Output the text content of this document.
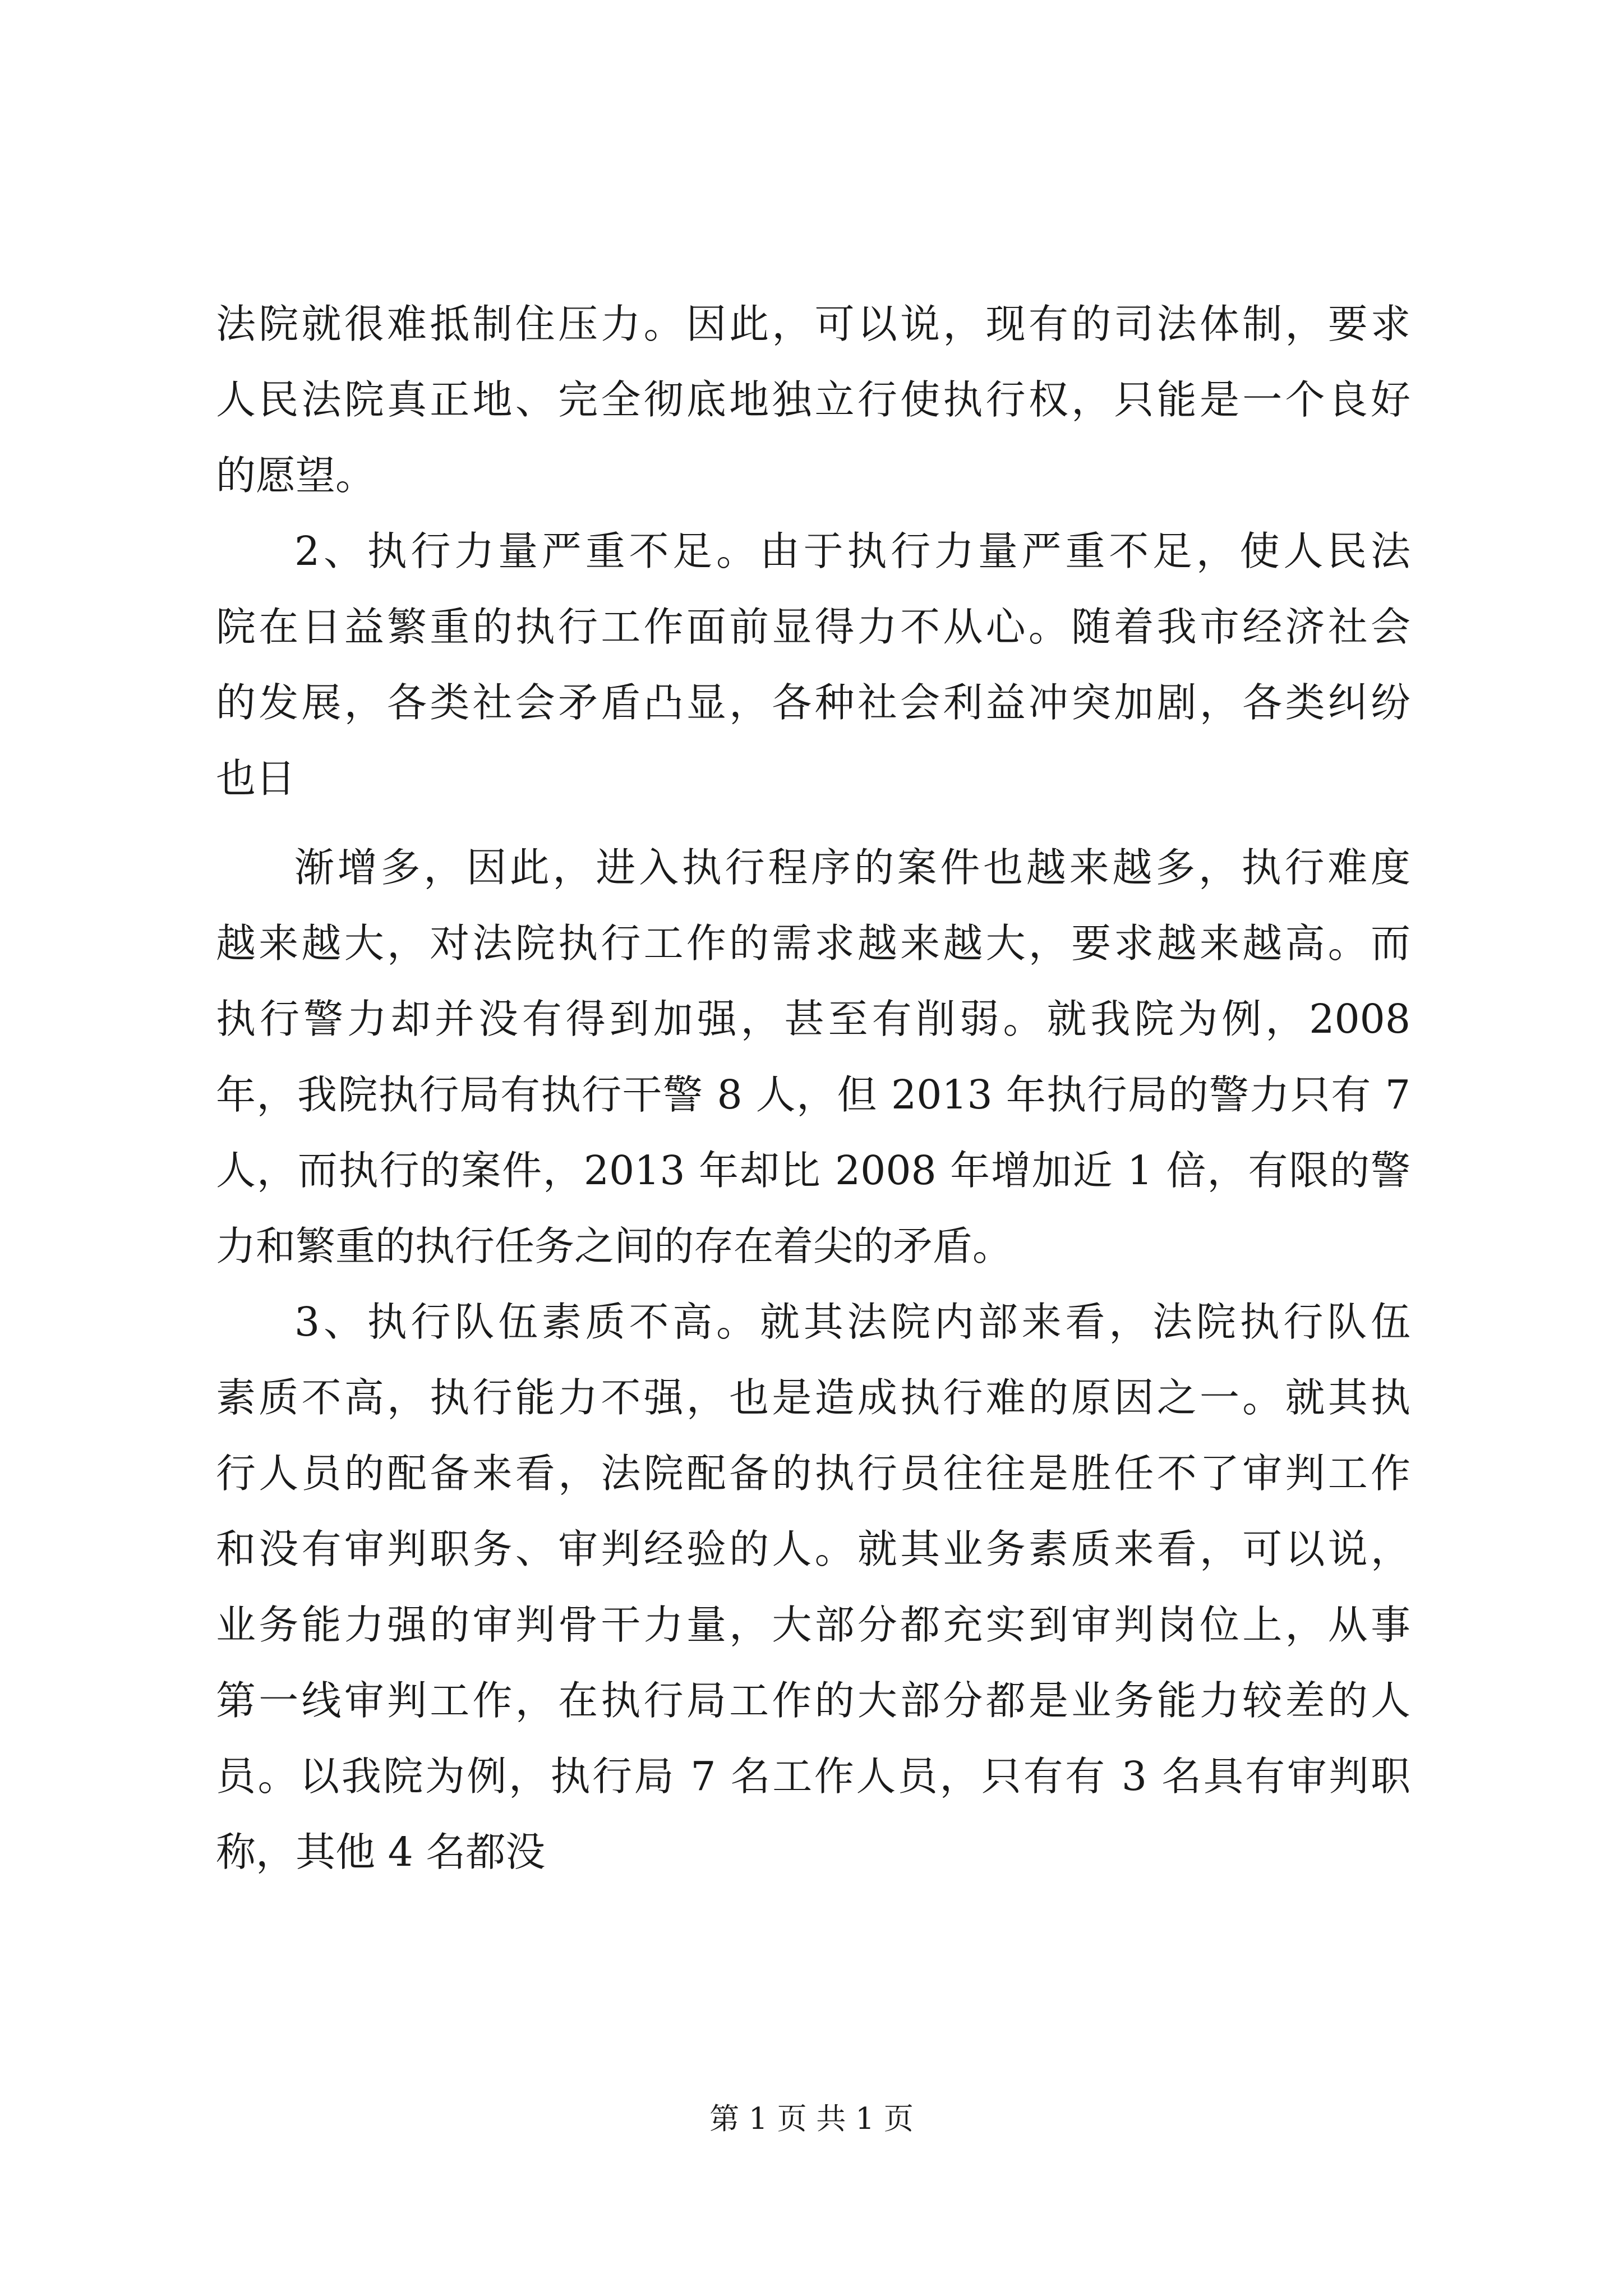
法院就很难抵制住压力。因此，可以说，现有的司法体制，要求

人民法院真正地、完全彻底地独立行使执行权，只能是一个良好

的愿望。

2、执行力量严重不足。由于执行力量严重不足，使人民法

院在日益繁重的执行工作面前显得力不从心。随着我市经济社会

的发展，各类社会矛盾凸显，各种社会利益冲突加剧，各类纠纷

也日

渐增多，因此，进入执行程序的案件也越来越多，执行难度

越来越大，对法院执行工作的需求越来越大，要求越来越高。而

执行警力却并没有得到加强，甚至有削弱。就我院为例，2008

年，我院执行局有执行干警 8 人，但 2013 年执行局的警力只有 7

人，而执行的案件，2013 年却比 2008 年增加近 1 倍，有限的警

力和繁重的执行任务之间的存在着尖的矛盾。

3、执行队伍素质不高。就其法院内部来看，法院执行队伍

素质不高，执行能力不强，也是造成执行难的原因之一。就其执

行人员的配备来看，法院配备的执行员往往是胜任不了审判工作

和没有审判职务、审判经验的人。就其业务素质来看，可以说，

业务能力强的审判骨干力量，大部分都充实到审判岗位上，从事

第一线审判工作，在执行局工作的大部分都是业务能力较差的人

员。以我院为例，执行局 7 名工作人员，只有有 3 名具有审判职

称，其他 4 名都没

第 1 页 共 1 页
